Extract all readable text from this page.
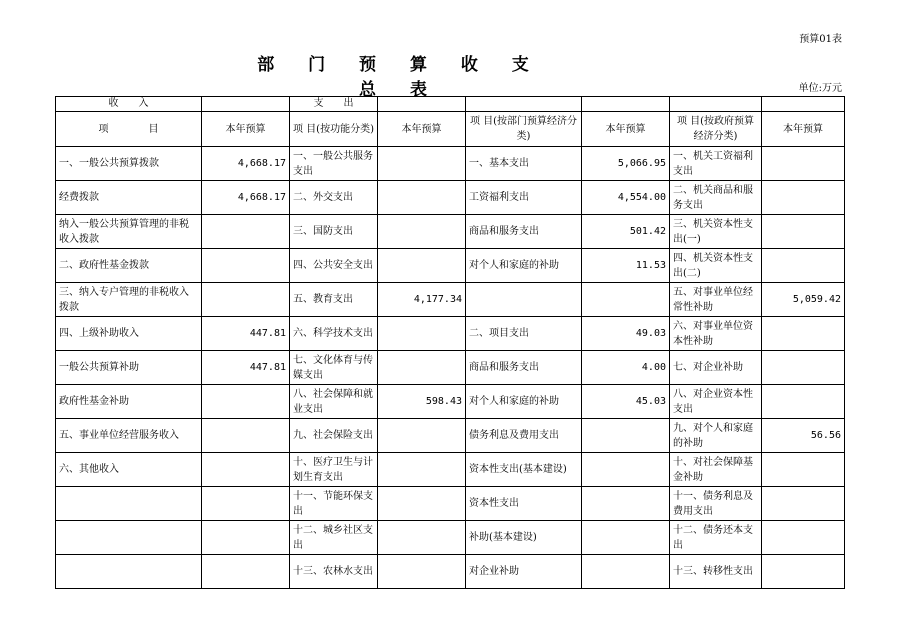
预算01表
部 门 预 算 收 支 总 表	单位:万元
收　　入		支　　出					
项　　　　目	本年预算	项 目(按功能分类)	本年预算	项 目(按部门预算经济分类)	本年预算	项 目(按政府预算经济分类)	本年预算
一、一般公共预算拨款	4,668.17	一、一般公共服务支出		一、基本支出	5,066.95	一、机关工资福利支出	
经费拨款	4,668.17	二、外交支出		工资福利支出	4,554.00	二、机关商品和服务支出	
纳入一般公共预算管理的非税收入拨款		三、国防支出		商品和服务支出	501.42	三、机关资本性支出(一)	
二、政府性基金拨款		四、公共安全支出		对个人和家庭的补助	11.53	四、机关资本性支出(二)	
三、纳入专户管理的非税收入拨款		五、教育支出	4,177.34			五、对事业单位经常性补助	5,059.42
四、上级补助收入	447.81	六、科学技术支出		二、项目支出	49.03	六、对事业单位资本性补助	
一般公共预算补助	447.81	七、文化体育与传媒支出		商品和服务支出	4.00	七、对企业补助	
政府性基金补助		八、社会保障和就业支出	598.43	对个人和家庭的补助	45.03	八、对企业资本性支出	
五、事业单位经营服务收入		九、社会保险支出		债务利息及费用支出		九、对个人和家庭的补助	56.56
六、其他收入		十、医疗卫生与计划生育支出		资本性支出(基本建设)		十、对社会保障基金补助	
		十一、节能环保支出		资本性支出		十一、债务利息及费用支出	
		十二、城乡社区支出		补助(基本建设)		十二、债务还本支出	
		十三、农林水支出		对企业补助		十三、转移性支出	
